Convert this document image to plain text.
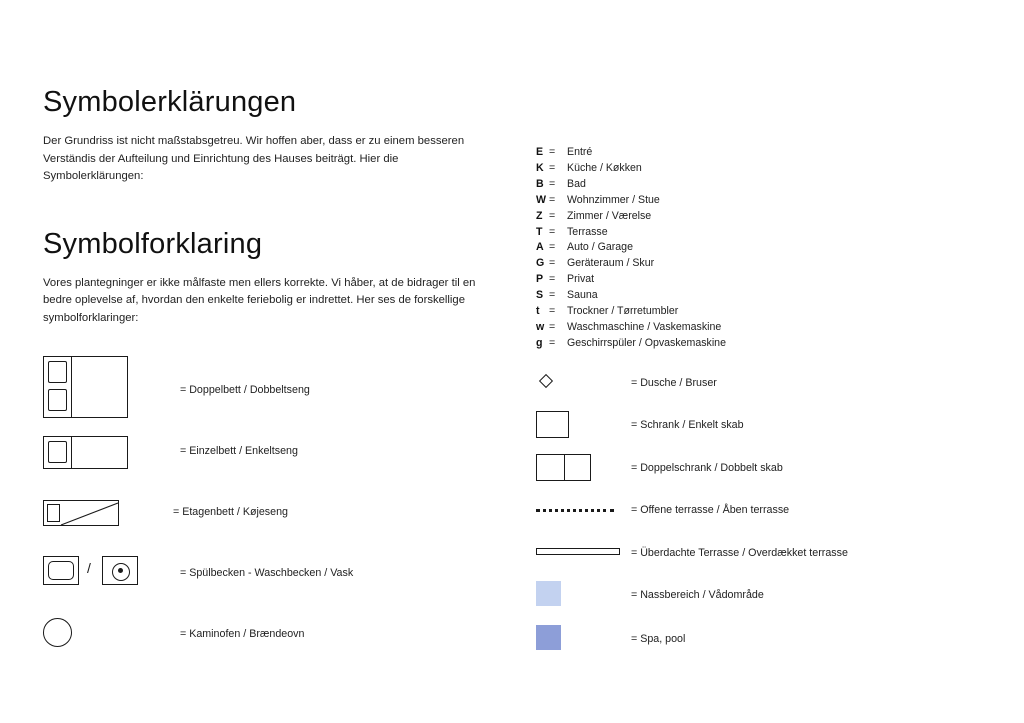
Symbolerklärungen

Der Grundriss ist nicht maßstabsgetreu. Wir hoffen aber, dass er zu einem besseren Verständis der Aufteilung und Einrichtung des Hauses beiträgt. Hier die Symbolerklärungen:

Symbolforklaring

Vores plantegninger er ikke målfaste men ellers korrekte. Vi håber, at de bidrager til en bedre oplevelse af, hvordan den enkelte feriebolig er indrettet. Her ses de forskellige symbolforklaringer:

= Doppelbett / Dobbeltseng
= Einzelbett / Enkeltseng
= Etagenbett / Køjeseng
/	= Spülbecken - Waschbecken / Vask
= Kaminofen / Brændeovn
E = Entré
K = Küche / Køkken
B = Bad
W = Wohnzimmer / Stue
Z = Zimmer / Værelse
T = Terrasse
A = Auto / Garage
G = Geräteraum / Skur
P = Privat
S = Sauna
t = Trockner / Tørretumbler
w = Waschmaschine / Vaskemaskine
g = Geschirrspüler / Opvaskemaskine
= Dusche / Bruser
= Schrank / Enkelt skab
= Doppelschrank / Dobbelt skab
= Offene terrasse / Åben terrasse
= Überdachte Terrasse / Overdækket terrasse
= Nassbereich / Vådområde
= Spa, pool
